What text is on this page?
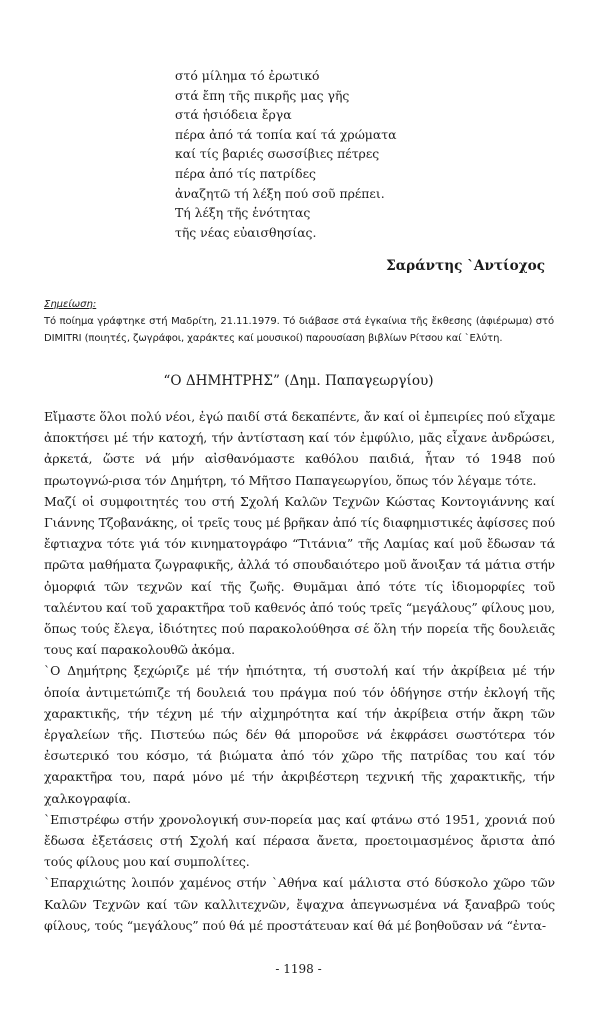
στό μίλημα τό ἐρωτικό
στά ἔπη τῆς πικρῆς μας γῆς
στά ἡσιόδεια ἔργα
πέρα ἀπό τά τοπία καί τά χρώματα
καί τίς βαριές σωσσίβιες πέτρες
πέρα ἀπό τίς πατρίδες
ἀναζητῶ τή λέξη πού σοῦ πρέπει.
Τή λέξη τῆς ἑνότητας
τῆς νέας εὐαισθησίας.
Σαράντης `Αντίοχος
Σημείωση:
Τό ποίημα γράφτηκε στή Μαδρίτη, 21.11.1979. Τό διάβασε στά ἐγκαίνια τῆς ἔκθεσης (ἀφιέρωμα) στό DIMITRI (ποιητές, ζωγράφοι, χαράκτες καί μουσικοί) παρουσίαση βιβλίων Ρίτσου καί `Ελύτη.
“Ο ΔΗΜΗΤΡΗΣ” (Δημ. Παπαγεωργίου)

Εἴμαστε ὅλοι πολύ νέοι, ἐγώ παιδί στά δεκαπέντε, ἄν καί οἱ ἐμπειρίες πού εἴχαμε ἀποκτήσει μέ τήν κατοχή, τήν ἀντίσταση καί τόν ἐμφύλιο, μᾶς εἶχανε ἀνδρώσει, ἀρκετά, ὥστε νά μήν αἰσθανόμαστε καθόλου παιδιά, ἦταν τό 1948 πού πρωτογνώ-ρισα τόν Δημήτρη, τό Μῆτσο Παπαγεωργίου, ὅπως τόν λέγαμε τότε.

Μαζί οἱ συμφοιτητές του στή Σχολή Καλῶν Τεχνῶν Κώστας Κοντογιάννης καί Γιάννης Τζοβανάκης, οἱ τρεῖς τους μέ βρῆκαν ἀπό τίς διαφημιστικές ἀφίσσες πού ἔφτιαχνα τότε γιά τόν κινηματογράφο “Τιτάνια” τῆς Λαμίας καί μοῦ ἔδωσαν τά πρῶτα μαθήματα ζωγραφικῆς, ἀλλά τό σπουδαιότερο μοῦ ἄνοιξαν τά μάτια στήν ὀμορφιά τῶν τεχνῶν καί τῆς ζωῆς. Θυμᾶμαι ἀπό τότε τίς ἰδιομορφίες τοῦ ταλέντου καί τοῦ χαρακτῆρα τοῦ καθενός ἀπό τούς τρεῖς “μεγάλους” φίλους μου, ὅπως τούς ἔλεγα, ἰδιότητες πού παρακολούθησα σέ ὅλη τήν πορεία τῆς δουλειᾶς τους καί παρακολουθῶ ἀκόμα.

`Ο Δημήτρης ξεχώριζε μέ τήν ἠπιότητα, τή συστολή καί τήν ἀκρίβεια μέ τήν ὁποία ἀντιμετώπιζε τή δουλειά του πράγμα πού τόν ὁδήγησε στήν ἐκλογή τῆς χαρακτικῆς, τήν τέχνη μέ τήν αἰχμηρότητα καί τήν ἀκρίβεια στήν ἄκρη τῶν ἐργαλείων τῆς. Πιστεύω πώς δέν θά μποροῦσε νά ἐκφράσει σωστότερα τόν ἐσωτερικό του κόσμο, τά βιώματα ἀπό τόν χῶρο τῆς πατρίδας του καί τόν χαρακτῆρα του, παρά μόνο μέ τήν ἀκριβέστερη τεχνική τῆς χαρακτικῆς, τήν χαλκογραφία.

`Επιστρέφω στήν χρονολογική συν-πορεία μας καί φτάνω στό 1951, χρονιά πού ἔδωσα ἐξετάσεις στή Σχολή καί πέρασα ἄνετα, προετοιμασμένος ἄριστα ἀπό τούς φίλους μου καί συμπολίτες.

`Επαρχιώτης λοιπόν χαμένος στήν `Αθήνα καί μάλιστα στό δύσκολο χῶρο τῶν Καλῶν Τεχνῶν καί τῶν καλλιτεχνῶν, ἔψαχνα ἀπεγνωσμένα νά ξαναβρῶ τούς φίλους, τούς “μεγάλους” πού θά μέ προστάτευαν καί θά μέ βοηθοῦσαν νά “ἐντα-

- 1198 -
